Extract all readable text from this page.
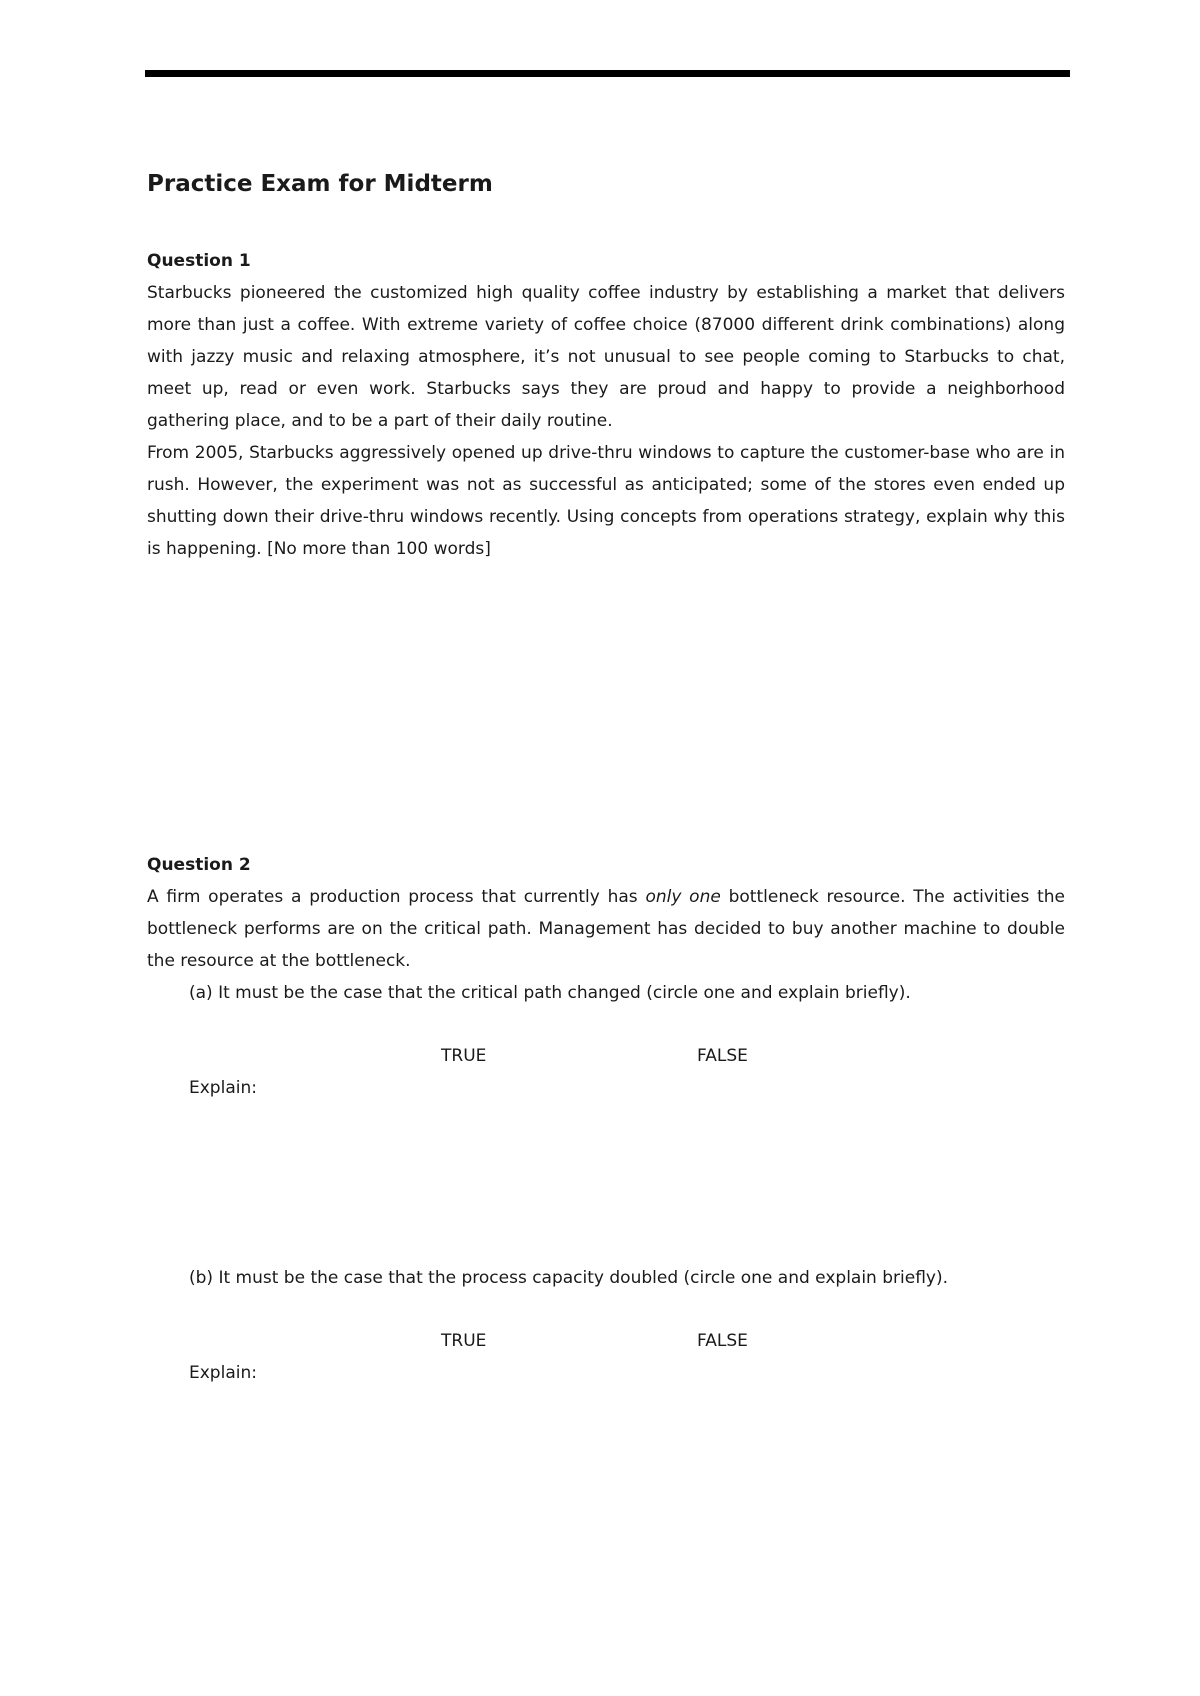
Practice Exam for Midterm

Question 1

Starbucks pioneered the customized high quality coffee industry by establishing a market that delivers more than just a coffee. With extreme variety of coffee choice (87000 different drink combinations) along with jazzy music and relaxing atmosphere, it’s not unusual to see people coming to Starbucks to chat, meet up, read or even work. Starbucks says they are proud and happy to provide a neighborhood gathering place, and to be a part of their daily routine.

From 2005, Starbucks aggressively opened up drive-thru windows to capture the customer-base who are in rush. However, the experiment was not as successful as anticipated; some of the stores even ended up shutting down their drive-thru windows recently. Using concepts from operations strategy, explain why this is happening. [No more than 100 words]

Question 2

A firm operates a production process that currently has only one bottleneck resource. The activities the bottleneck performs are on the critical path. Management has decided to buy another machine to double the resource at the bottleneck.

(a) It must be the case that the critical path changed (circle one and explain briefly).

TRUE	FALSE

Explain:

(b) It must be the case that the process capacity doubled (circle one and explain briefly).

TRUE	FALSE

Explain:
